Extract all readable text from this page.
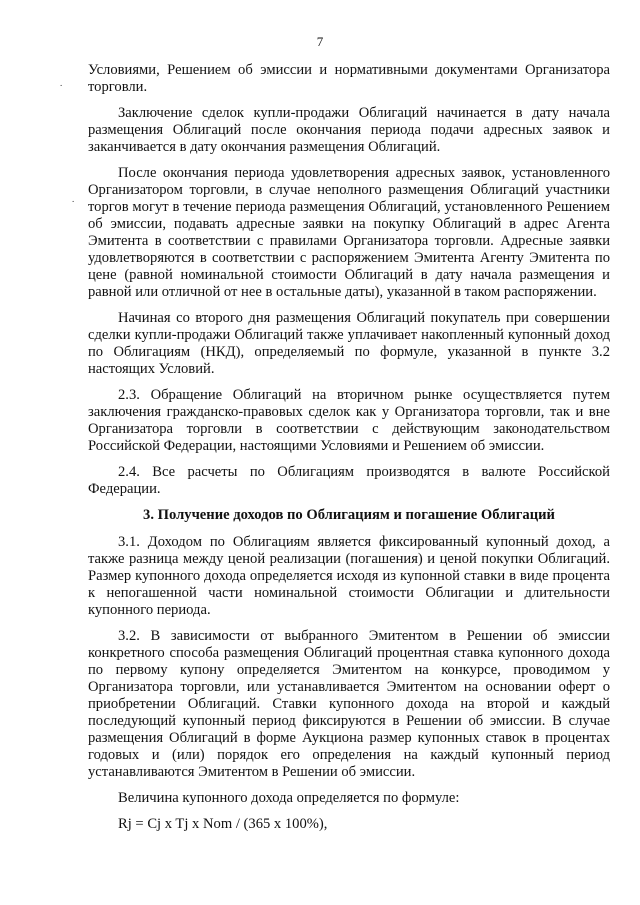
7
.
.

Условиями, Решением об эмиссии и нормативными документами Организатора торговли.

Заключение сделок купли-продажи Облигаций начинается в дату начала размещения Облигаций после окончания периода подачи адресных заявок и заканчивается в дату окончания размещения Облигаций.

После окончания периода удовлетворения адресных заявок, установленного Организатором торговли, в случае неполного размещения Облигаций участники торгов могут в течение периода размещения Облигаций, установленного Решением об эмиссии, подавать адресные заявки на покупку Облигаций в адрес Агента Эмитента в соответствии с правилами Организатора торговли. Адресные заявки удовлетворяются в соответствии с распоряжением Эмитента Агенту Эмитента по цене (равной номинальной стоимости Облигаций в дату начала размещения и равной или отличной от нее в остальные даты), указанной в таком распоряжении.

Начиная со второго дня размещения Облигаций покупатель при совершении сделки купли-продажи Облигаций также уплачивает накопленный купонный доход по Облигациям (НКД), определяемый по формуле, указанной в пункте 3.2 настоящих Условий.

2.3. Обращение Облигаций на вторичном рынке осуществляется путем заключения гражданско-правовых сделок как у Организатора торговли, так и вне Организатора торговли в соответствии с действующим законодательством Российской Федерации, настоящими Условиями и Решением об эмиссии.

2.4. Все расчеты по Облигациям производятся в валюте Российской Федерации.

3. Получение доходов по Облигациям и погашение Облигаций

3.1. Доходом по Облигациям является фиксированный купонный доход, а также разница между ценой реализации (погашения) и ценой покупки Облигаций. Размер купонного дохода определяется исходя из купонной ставки в виде процента к непогашенной части номинальной стоимости Облигации и длительности купонного периода.

3.2. В зависимости от выбранного Эмитентом в Решении об эмиссии конкретного способа размещения Облигаций процентная ставка купонного дохода по первому купону определяется Эмитентом на конкурсе, проводимом у Организатора торговли, или устанавливается Эмитентом на основании оферт о приобретении Облигаций. Ставки купонного дохода на второй и каждый последующий купонный период фиксируются в Решении об эмиссии. В случае размещения Облигаций в форме Аукциона размер купонных ставок в процентах годовых и (или) порядок его определения на каждый купонный период устанавливаются Эмитентом в Решении об эмиссии.

Величина купонного дохода определяется по формуле:

Rj = Cj x Tj x Nom / (365 x 100%),
